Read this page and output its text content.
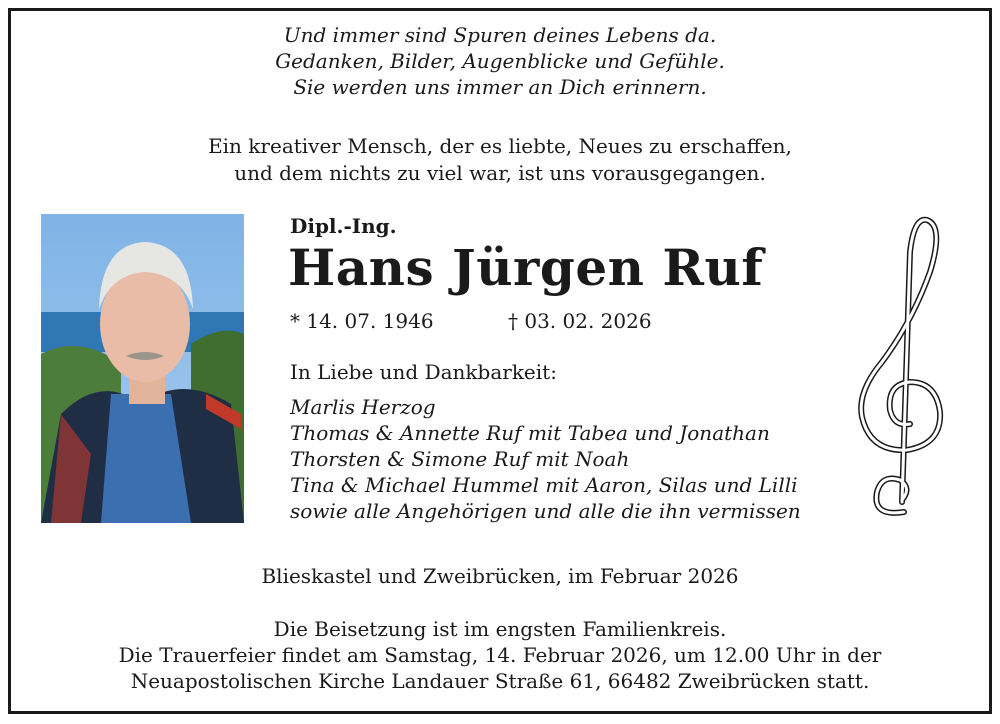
Und immer sind Spuren deines Lebens da.
Gedanken, Bilder, Augenblicke und Gefühle.
Sie werden uns immer an Dich erinnern.
Ein kreativer Mensch, der es liebte, Neues zu erschaffen,
und dem nichts zu viel war, ist uns vorausgegangen.
Dipl.-Ing.
Hans Jürgen Ruf
* 14. 07. 1946	† 03. 02. 2026
In Liebe und Dankbarkeit:
Marlis Herzog
Thomas & Annette Ruf mit Tabea und Jonathan
Thorsten & Simone Ruf mit Noah
Tina & Michael Hummel mit Aaron, Silas und Lilli
sowie alle Angehörigen und alle die ihn vermissen
Blieskastel und Zweibrücken, im Februar 2026
Die Beisetzung ist im engsten Familienkreis.
Die Trauerfeier findet am Samstag, 14. Februar 2026, um 12.00 Uhr in der
Neuapostolischen Kirche Landauer Straße 61, 66482 Zweibrücken statt.
